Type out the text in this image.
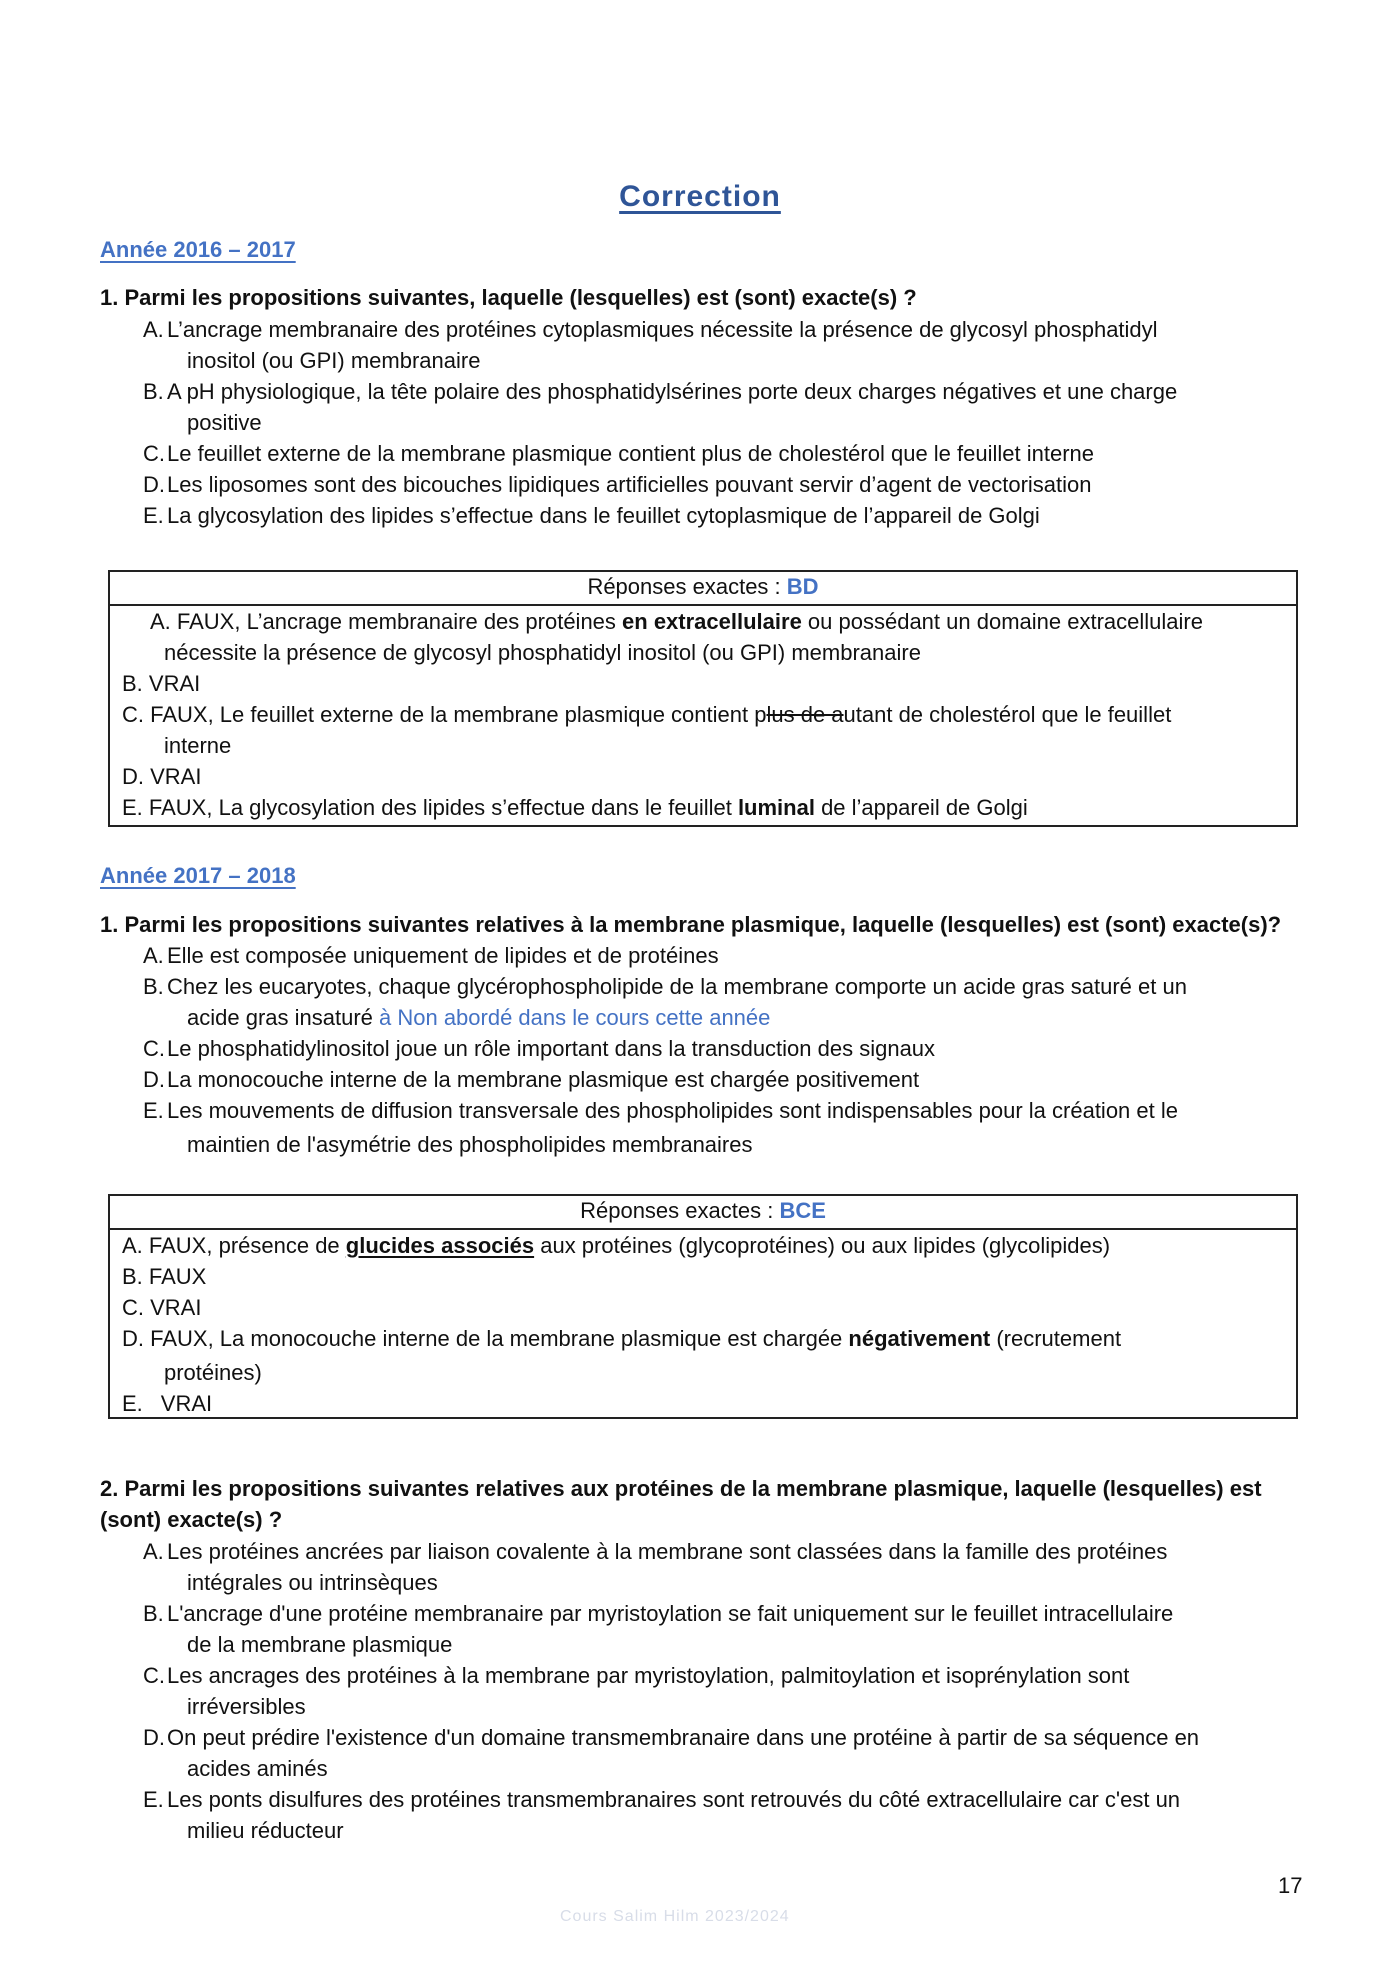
Correction
Année 2016 – 2017
1. Parmi les propositions suivantes, laquelle (lesquelles) est (sont) exacte(s) ?
A. L’ancrage membranaire des protéines cytoplasmiques nécessite la présence de glycosyl phosphatidyl
inositol (ou GPI) membranaire
B. A pH physiologique, la tête polaire des phosphatidylsérines porte deux charges négatives et une charge
positive
C. Le feuillet externe de la membrane plasmique contient plus de cholestérol que le feuillet interne
D. Les liposomes sont des bicouches lipidiques artificielles pouvant servir d’agent de vectorisation
E. La glycosylation des lipides s’effectue dans le feuillet cytoplasmique de l’appareil de Golgi
Réponses exactes : BD
A. FAUX, L’ancrage membranaire des protéines en extracellulaire ou possédant un domaine extracellulaire
nécessite la présence de glycosyl phosphatidyl inositol (ou GPI) membranaire
B. VRAI
C. FAUX, Le feuillet externe de la membrane plasmique contient plus de autant de cholestérol que le feuillet
interne
D. VRAI
E. FAUX, La glycosylation des lipides s’effectue dans le feuillet luminal de l’appareil de Golgi
Année 2017 – 2018
1. Parmi les propositions suivantes relatives à la membrane plasmique, laquelle (lesquelles) est (sont) exacte(s)?
A. Elle est composée uniquement de lipides et de protéines
B. Chez les eucaryotes, chaque glycérophospholipide de la membrane comporte un acide gras saturé et un
acide gras insaturé à Non abordé dans le cours cette année
C. Le phosphatidylinositol joue un rôle important dans la transduction des signaux
D. La monocouche interne de la membrane plasmique est chargée positivement
E. Les mouvements de diffusion transversale des phospholipides sont indispensables pour la création et le
maintien de l'asymétrie des phospholipides membranaires
Réponses exactes : BCE
A. FAUX, présence de glucides associés aux protéines (glycoprotéines) ou aux lipides (glycolipides)
B. FAUX
C. VRAI
D. FAUX, La monocouche interne de la membrane plasmique est chargée négativement (recrutement
protéines)
E. VRAI
2. Parmi les propositions suivantes relatives aux protéines de la membrane plasmique, laquelle (lesquelles) est
(sont) exacte(s) ?
A. Les protéines ancrées par liaison covalente à la membrane sont classées dans la famille des protéines
intégrales ou intrinsèques
B. L'ancrage d'une protéine membranaire par myristoylation se fait uniquement sur le feuillet intracellulaire
de la membrane plasmique
C. Les ancrages des protéines à la membrane par myristoylation, palmitoylation et isoprénylation sont
irréversibles
D. On peut prédire l'existence d'un domaine transmembranaire dans une protéine à partir de sa séquence en
acides aminés
E. Les ponts disulfures des protéines transmembranaires sont retrouvés du côté extracellulaire car c'est un
milieu réducteur
17
Cours Salim Hilm 2023/2024
